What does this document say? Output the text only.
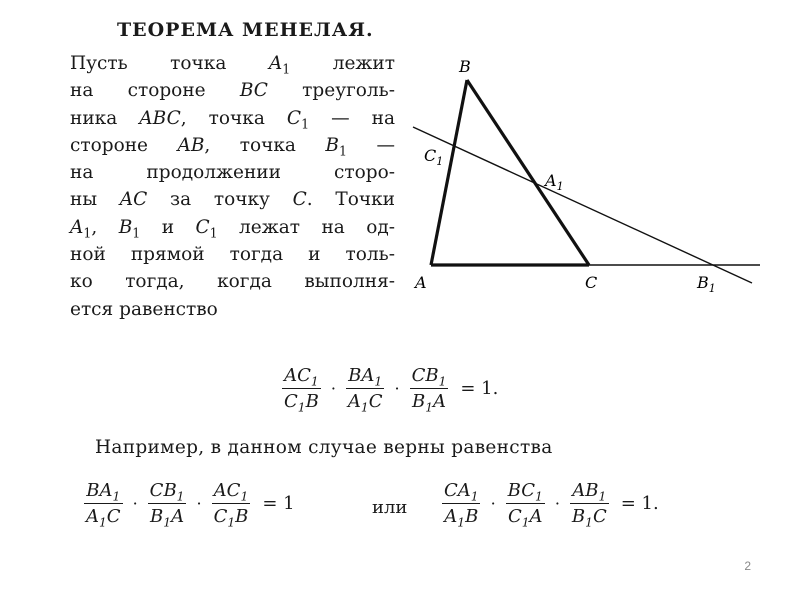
ТЕОРЕМА МЕНЕЛАЯ.
Пусть точка $A_1$ лежит
на стороне BC треуголь-
ника ABC, точка $C_1$ — на
стороне AB, точка $B_1$ —
на продолжении сторо-
ны AC за точку C. Точки
$A_1$, $B_1$ и $C_1$ лежат на од-
ной прямой тогда и толь-
ко тогда, когда выполня-
ется равенство
B
$C_1$
$A_1$
A	C	$B_1$
$\frac{AC_1}{C_1B} \cdot \frac{BA_1}{A_1C} \cdot \frac{CB_1}{B_1A} = 1$.
Например, в данном случае верны равенства
$\frac{BA_1}{A_1C} \cdot \frac{CB_1}{B_1A} \cdot \frac{AC_1}{C_1B} = 1$	или $\frac{CA_1}{A_1B} \cdot \frac{BC_1}{C_1A} \cdot \frac{AB_1}{B_1C} = 1$.
2
